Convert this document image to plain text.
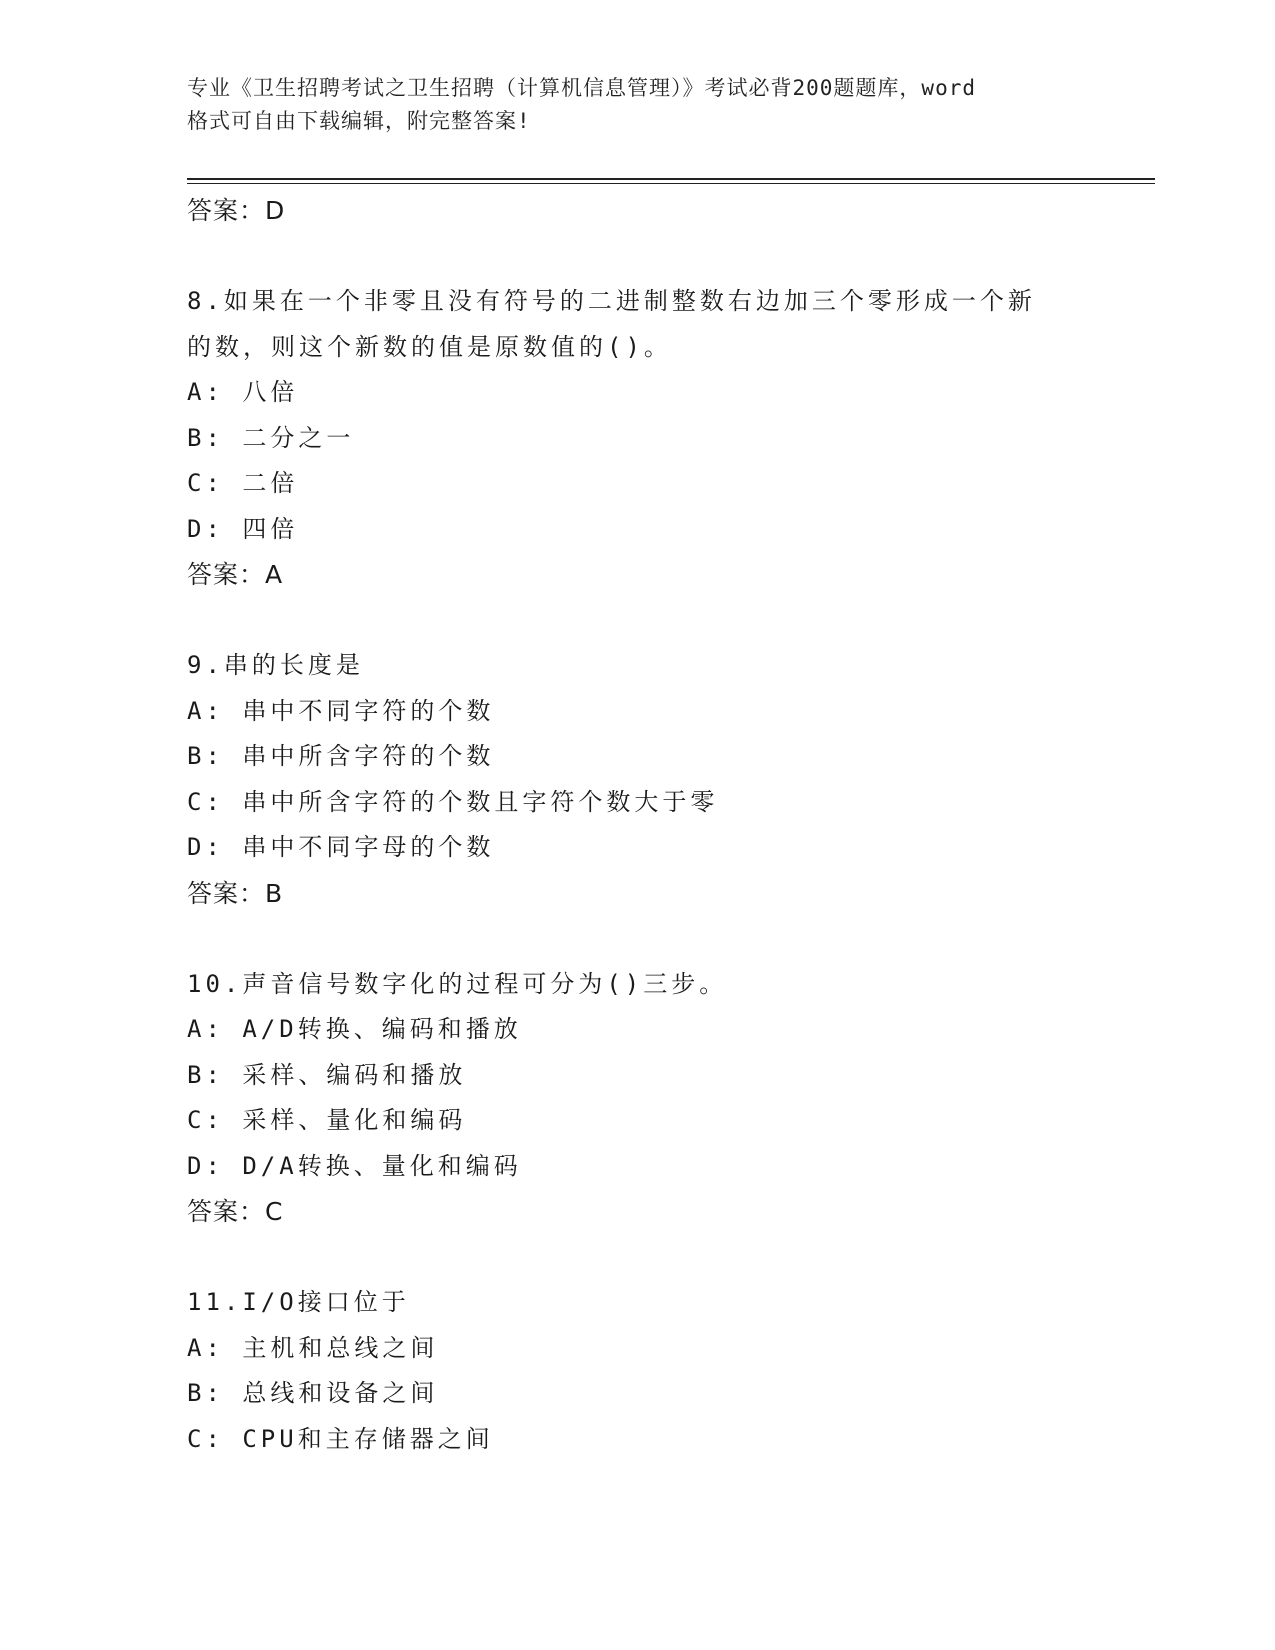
专业《卫生招聘考试之卫生招聘（计算机信息管理）》考试必背200题题库，word
格式可自由下载编辑，附完整答案!
答案：D
8.如果在一个非零且没有符号的二进制整数右边加三个零形成一个新
的数，则这个新数的值是原数值的()。
A: 八倍
B: 二分之一
C: 二倍
D: 四倍
答案：A
9.串的长度是
A: 串中不同字符的个数
B: 串中所含字符的个数
C: 串中所含字符的个数且字符个数大于零
D: 串中不同字母的个数
答案：B
10.声音信号数字化的过程可分为()三步。
A: A/D转换、编码和播放
B: 采样、编码和播放
C: 采样、量化和编码
D: D/A转换、量化和编码
答案：C
11.I/O接口位于
A: 主机和总线之间
B: 总线和设备之间
C: CPU和主存储器之间
